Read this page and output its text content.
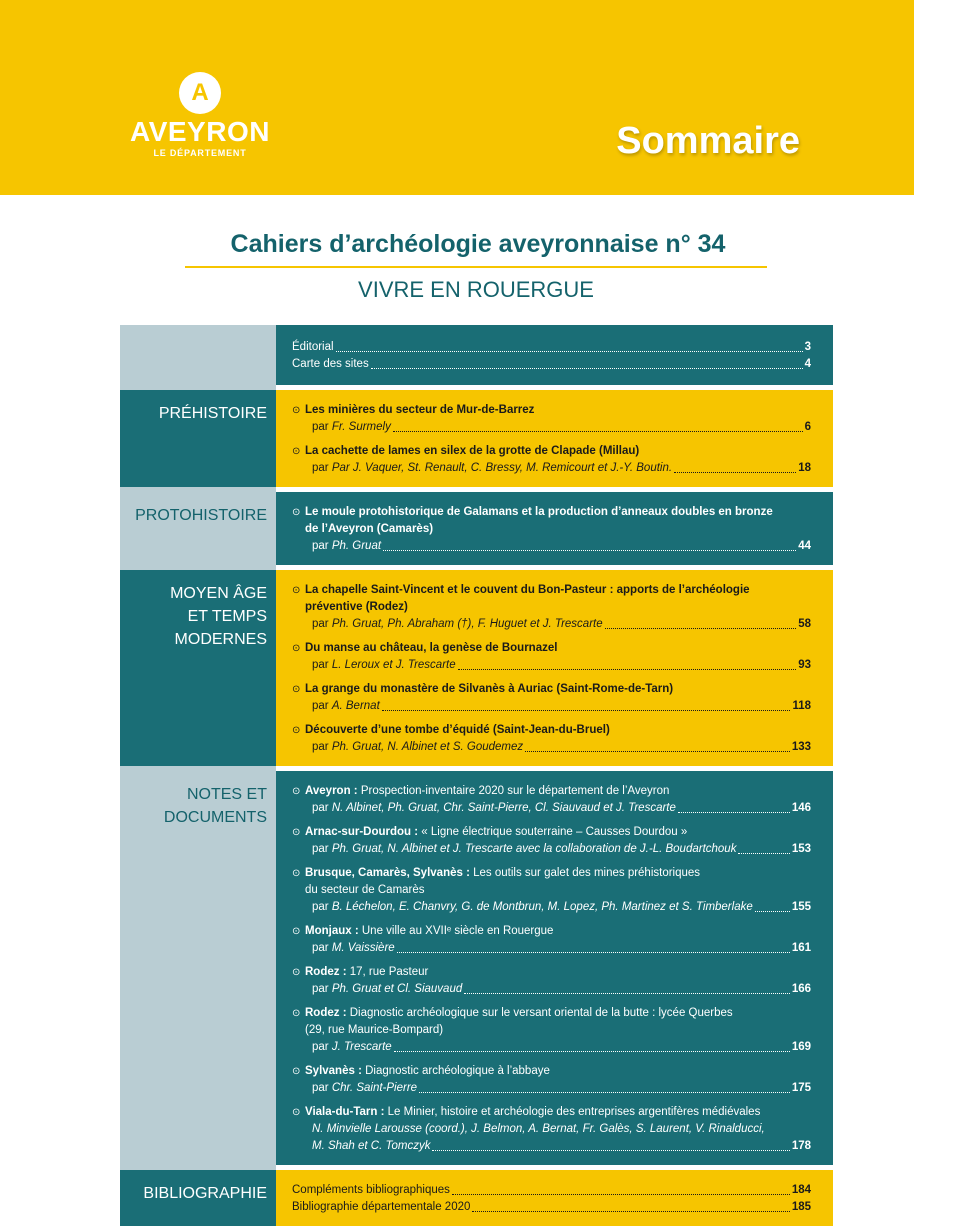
A
AVEYRON
LE DÉPARTEMENT	Sommaire
Cahiers d’archéologie aveyronnaise n° 34
VIVRE EN ROUERGUE
Éditorial	3
Carte des sites	4
PRÉHISTOIRE	⊙ Les minières du secteur de Mur-de-Barrez
par Fr. Surmely	6
⊙ La cachette de lames en silex de la grotte de Clapade (Millau)
par Par J. Vaquer, St. Renault, C. Bressy, M. Remicourt et J.-Y. Boutin.	18
PROTOHISTOIRE	⊙ Le moule protohistorique de Galamans et la production d’anneaux doubles en bronze
de l’Aveyron (Camarès)
par Ph. Gruat	44
MOYEN ÂGE
ET TEMPS
MODERNES
⊙ La chapelle Saint-Vincent et le couvent du Bon-Pasteur : apports de l’archéologie
préventive (Rodez)
par Ph. Gruat, Ph. Abraham (†), F. Huguet et J. Trescarte	58
⊙ Du manse au château, la genèse de Bournazel
par L. Leroux et J. Trescarte	93
⊙ La grange du monastère de Silvanès à Auriac (Saint-Rome-de-Tarn)
par A. Bernat	118
⊙ Découverte d’une tombe d’équidé (Saint-Jean-du-Bruel)
par Ph. Gruat, N. Albinet et S. Goudemez	133
NOTES ET
DOCUMENTS
⊙ Aveyron : Prospection-inventaire 2020 sur le département de l’Aveyron
par N. Albinet, Ph. Gruat, Chr. Saint-Pierre, Cl. Siauvaud et J. Trescarte	146
⊙ Arnac-sur-Dourdou : « Ligne électrique souterraine – Causses Dourdou »
par Ph. Gruat, N. Albinet et J. Trescarte avec la collaboration de J.-L. Boudartchouk	153
⊙ Brusque, Camarès, Sylvanès : Les outils sur galet des mines préhistoriques
du secteur de Camarès
par B. Léchelon, E. Chanvry, G. de Montbrun, M. Lopez, Ph. Martinez et S. Timberlake	155
⊙ Monjaux : Une ville au XVIIᵉ siècle en Rouergue
par M. Vaissière	161
⊙ Rodez : 17, rue Pasteur
par Ph. Gruat et Cl. Siauvaud	166
⊙ Rodez : Diagnostic archéologique sur le versant oriental de la butte : lycée Querbes
(29, rue Maurice-Bompard)
par J. Trescarte	169
⊙ Sylvanès : Diagnostic archéologique à l’abbaye
par Chr. Saint-Pierre	175
⊙ Viala-du-Tarn : Le Minier, histoire et archéologie des entreprises argentifères médiévales
N. Minvielle Larousse (coord.), J. Belmon, A. Bernat, Fr. Galès, S. Laurent, V. Rinalducci,
M. Shah et C. Tomczyk	178
BIBLIOGRAPHIE	Compléments bibliographiques	184
Bibliographie départementale 2020	185
